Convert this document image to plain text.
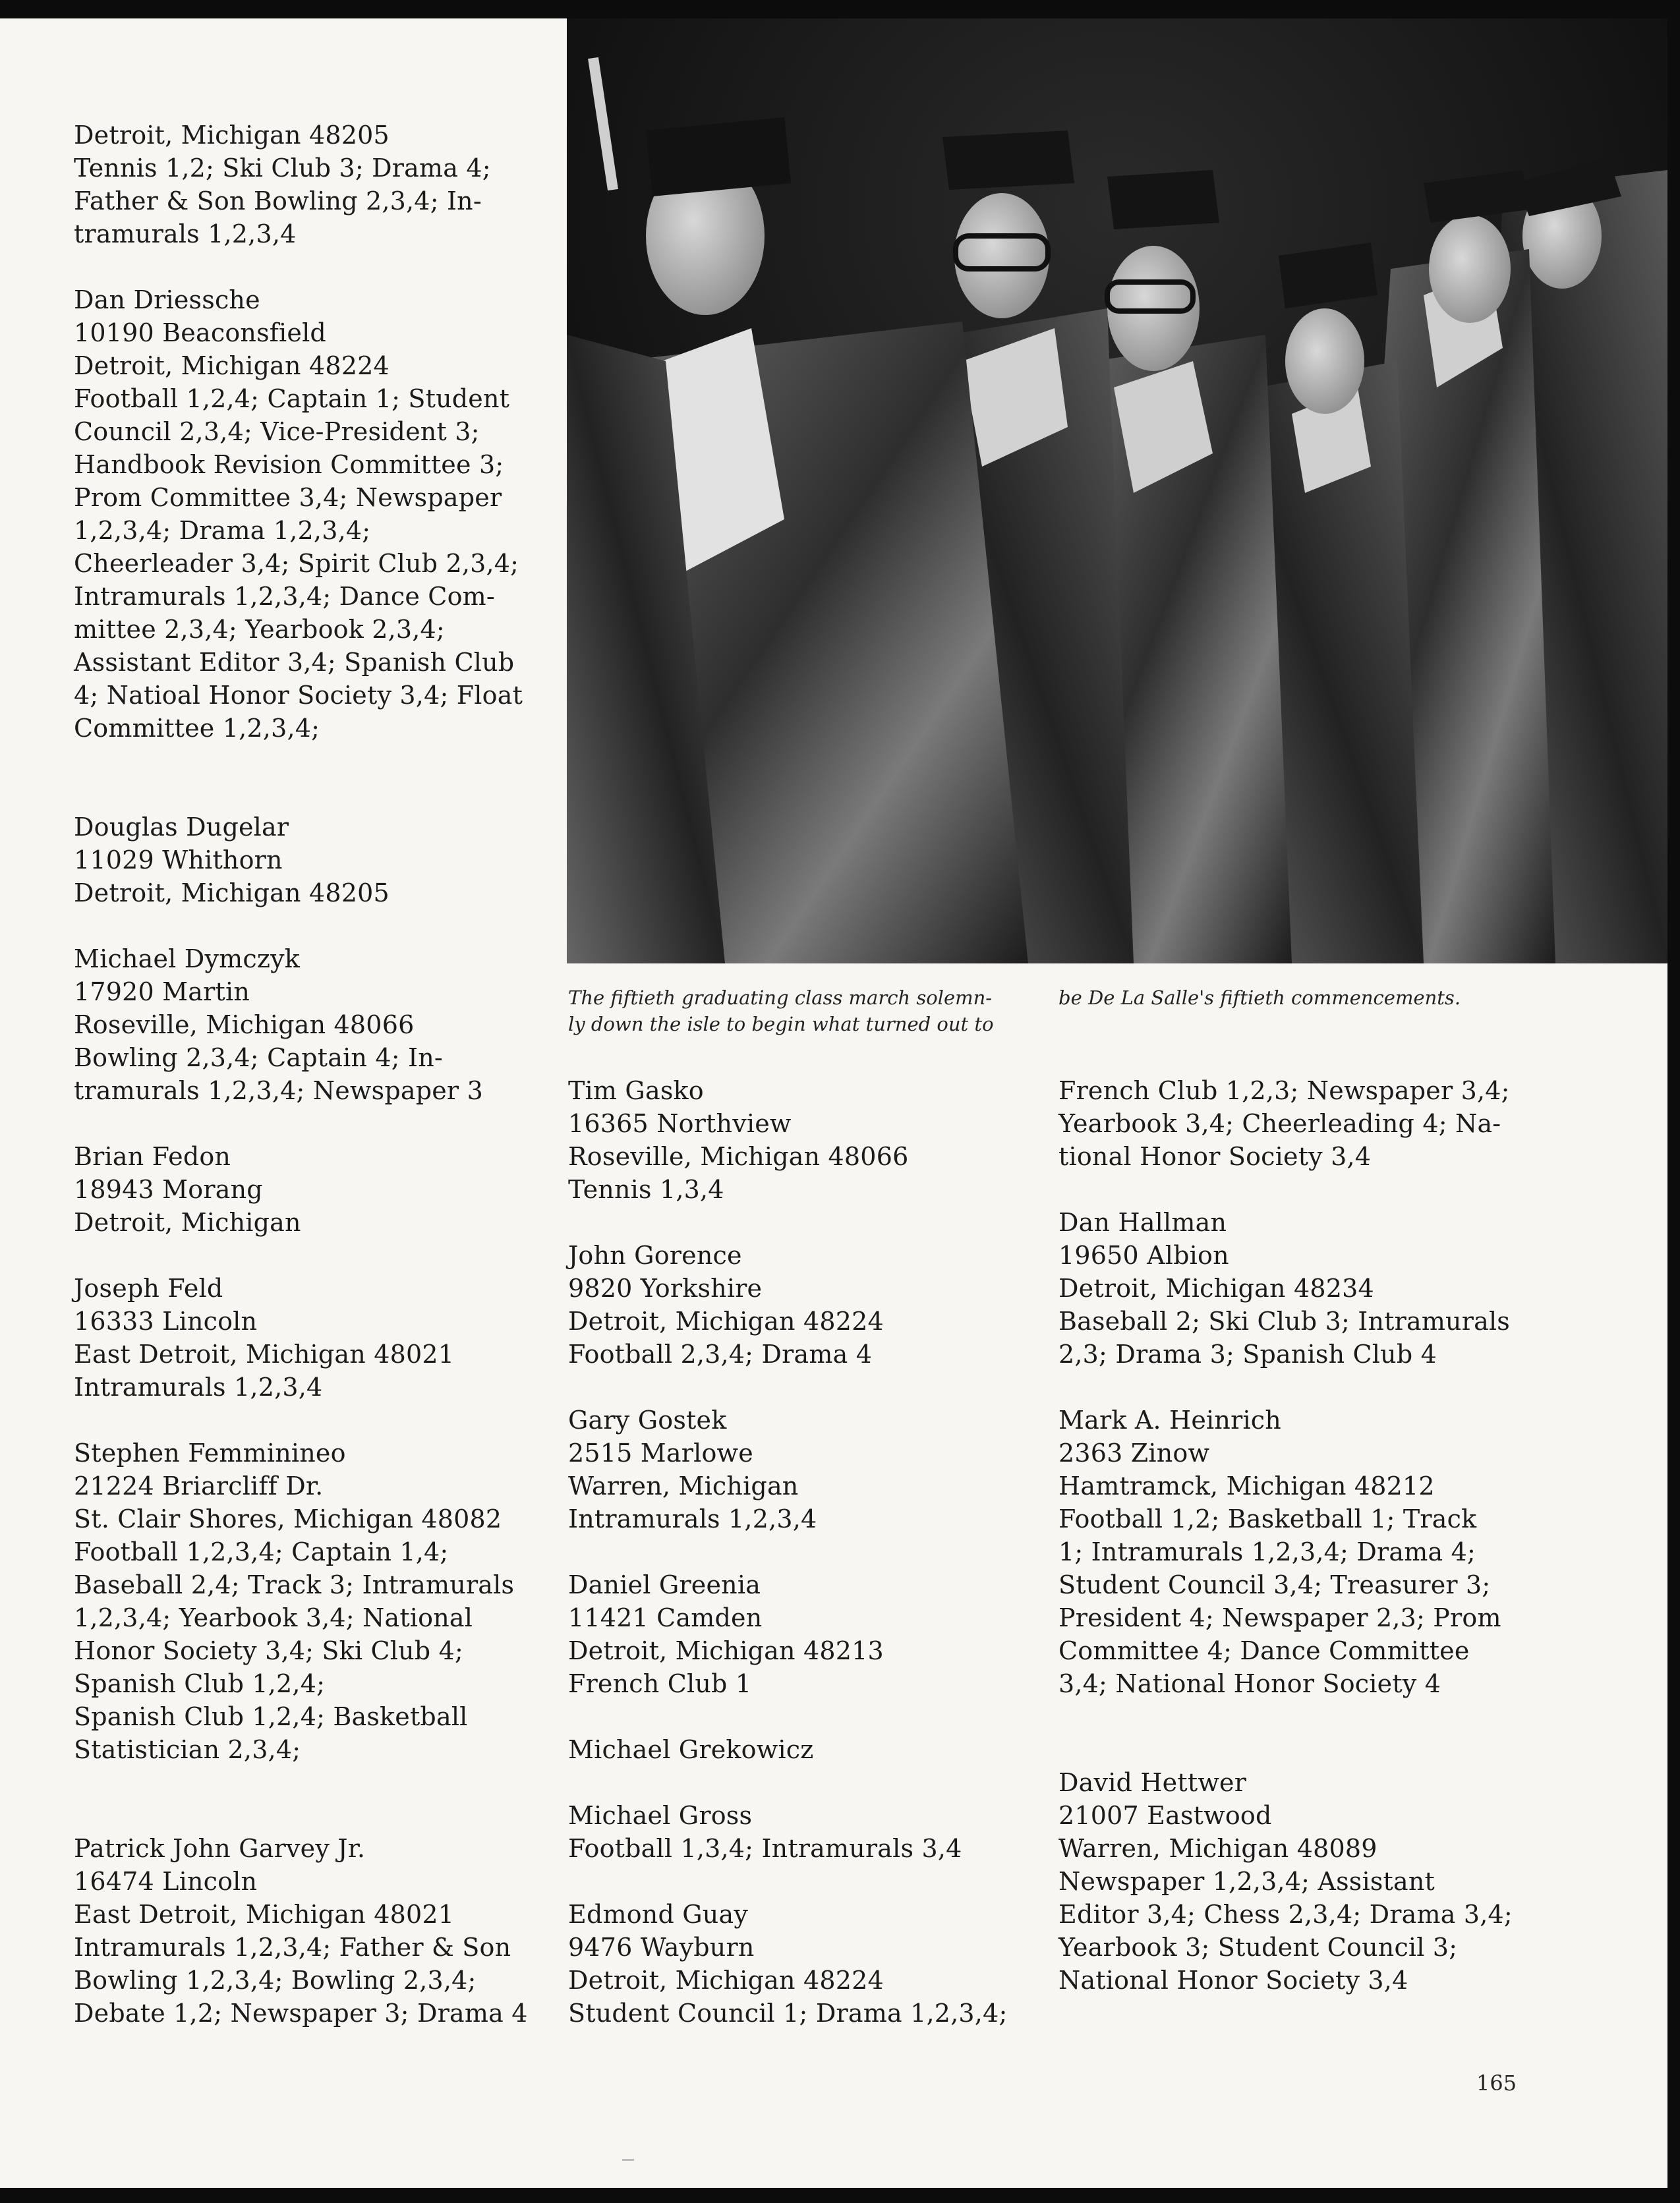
Detroit, Michigan 48205
Tennis 1,2; Ski Club 3; Drama 4;
Father & Son Bowling 2,3,4; In-
tramurals 1,2,3,4
Dan Driessche
10190 Beaconsfield
Detroit, Michigan 48224
Football 1,2,4; Captain 1; Student
Council 2,3,4; Vice-President 3;
Handbook Revision Committee 3;
Prom Committee 3,4; Newspaper
1,2,3,4; Drama 1,2,3,4;
Cheerleader 3,4; Spirit Club 2,3,4;
Intramurals 1,2,3,4; Dance Com-
mittee 2,3,4; Yearbook 2,3,4;
Assistant Editor 3,4; Spanish Club
4; Natioal Honor Society 3,4; Float
Committee 1,2,3,4;
Douglas Dugelar
11029 Whithorn
Detroit, Michigan 48205
Michael Dymczyk
17920 Martin
Roseville, Michigan 48066
Bowling 2,3,4; Captain 4; In-
tramurals 1,2,3,4; Newspaper 3
Brian Fedon
18943 Morang
Detroit, Michigan
Joseph Feld
16333 Lincoln
East Detroit, Michigan 48021
Intramurals 1,2,3,4
Stephen Femminineo
21224 Briarcliff Dr.
St. Clair Shores, Michigan 48082
Football 1,2,3,4; Captain 1,4;
Baseball 2,4; Track 3; Intramurals
1,2,3,4; Yearbook 3,4; National
Honor Society 3,4; Ski Club 4;
Spanish Club 1,2,4;
Spanish Club 1,2,4; Basketball
Statistician 2,3,4;
Patrick John Garvey Jr.
16474 Lincoln
East Detroit, Michigan 48021
Intramurals 1,2,3,4; Father & Son
Bowling 1,2,3,4; Bowling 2,3,4;
Debate 1,2; Newspaper 3; Drama 4
The fiftieth graduating class march solemn-
ly down the isle to begin what turned out to
be De La Salle's fiftieth commencements.
Tim Gasko
16365 Northview
Roseville, Michigan 48066
Tennis 1,3,4
John Gorence
9820 Yorkshire
Detroit, Michigan 48224
Football 2,3,4; Drama 4
Gary Gostek
2515 Marlowe
Warren, Michigan
Intramurals 1,2,3,4
Daniel Greenia
11421 Camden
Detroit, Michigan 48213
French Club 1
Michael Grekowicz
Michael Gross
Football 1,3,4; Intramurals 3,4
Edmond Guay
9476 Wayburn
Detroit, Michigan 48224
Student Council 1; Drama 1,2,3,4;
French Club 1,2,3; Newspaper 3,4;
Yearbook 3,4; Cheerleading 4; Na-
tional Honor Society 3,4
Dan Hallman
19650 Albion
Detroit, Michigan 48234
Baseball 2; Ski Club 3; Intramurals
2,3; Drama 3; Spanish Club 4
Mark A. Heinrich
2363 Zinow
Hamtramck, Michigan 48212
Football 1,2; Basketball 1; Track
1; Intramurals 1,2,3,4; Drama 4;
Student Council 3,4; Treasurer 3;
President 4; Newspaper 2,3; Prom
Committee 4; Dance Committee
3,4; National Honor Society 4
David Hettwer
21007 Eastwood
Warren, Michigan 48089
Newspaper 1,2,3,4; Assistant
Editor 3,4; Chess 2,3,4; Drama 3,4;
Yearbook 3; Student Council 3;
National Honor Society 3,4
165
